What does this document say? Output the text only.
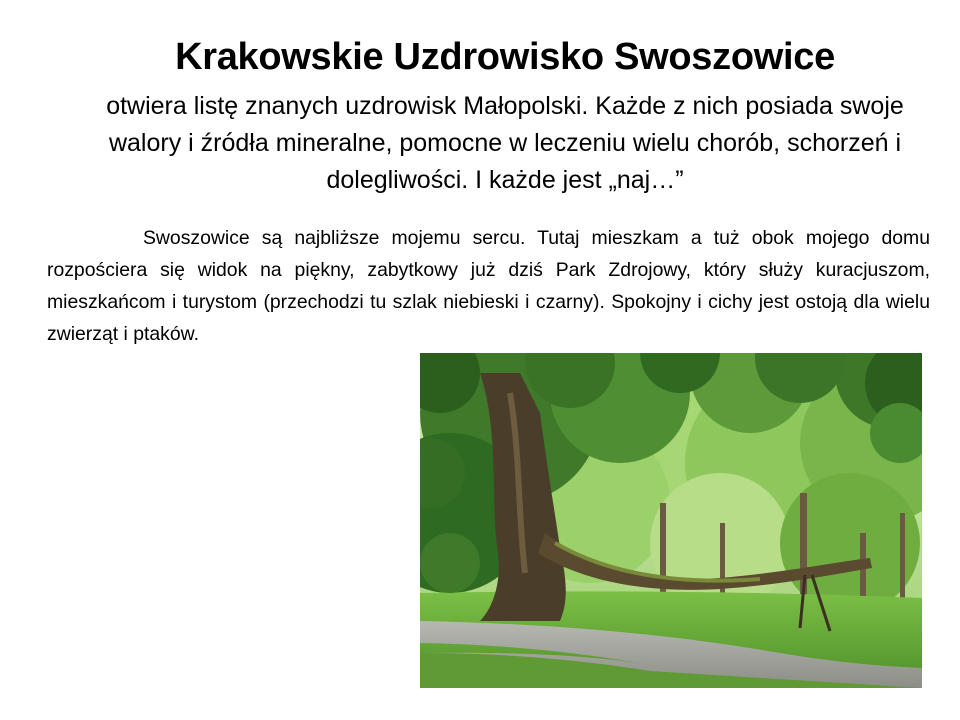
Krakowskie Uzdrowisko Swoszowice
otwiera listę znanych uzdrowisk Małopolski. Każde z nich posiada swoje walory i źródła mineralne, pomocne w leczeniu wielu chorób, schorzeń i dolegliwości. I każde jest „naj…”
Swoszowice są najbliższe mojemu sercu. Tutaj mieszkam a tuż obok mojego domu rozpościera się widok na piękny, zabytkowy już dziś Park Zdrojowy, który służy kuracjuszom, mieszkańcom i turystom (przechodzi tu szlak niebieski i czarny). Spokojny i cichy jest ostoją dla wielu zwierząt i ptaków.
